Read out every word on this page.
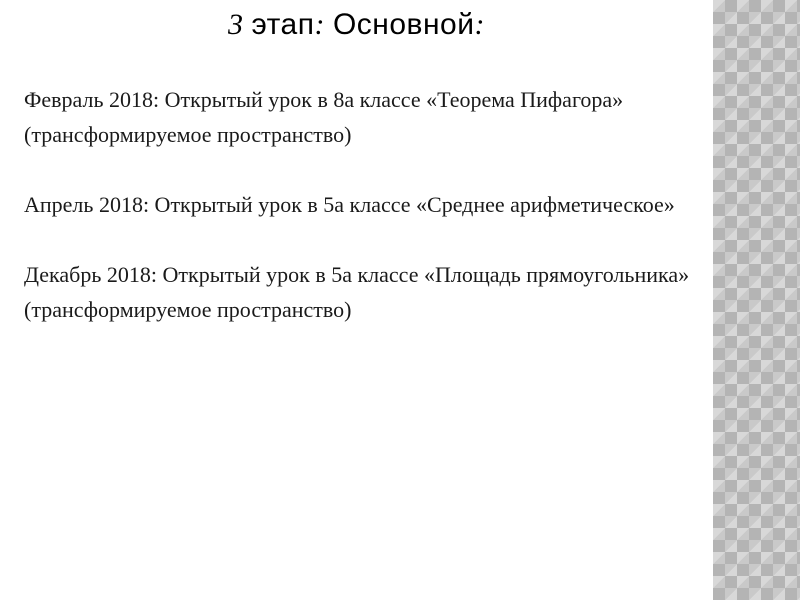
3 этап: Основной:

Февраль 2018: Открытый урок в 8а классе «Теорема Пифагора» (трансформируемое пространство)

Апрель 2018: Открытый урок в 5а классе «Среднее арифметическое»

Декабрь 2018: Открытый урок в 5а классе «Площадь прямоугольника» (трансформируемое пространство)
